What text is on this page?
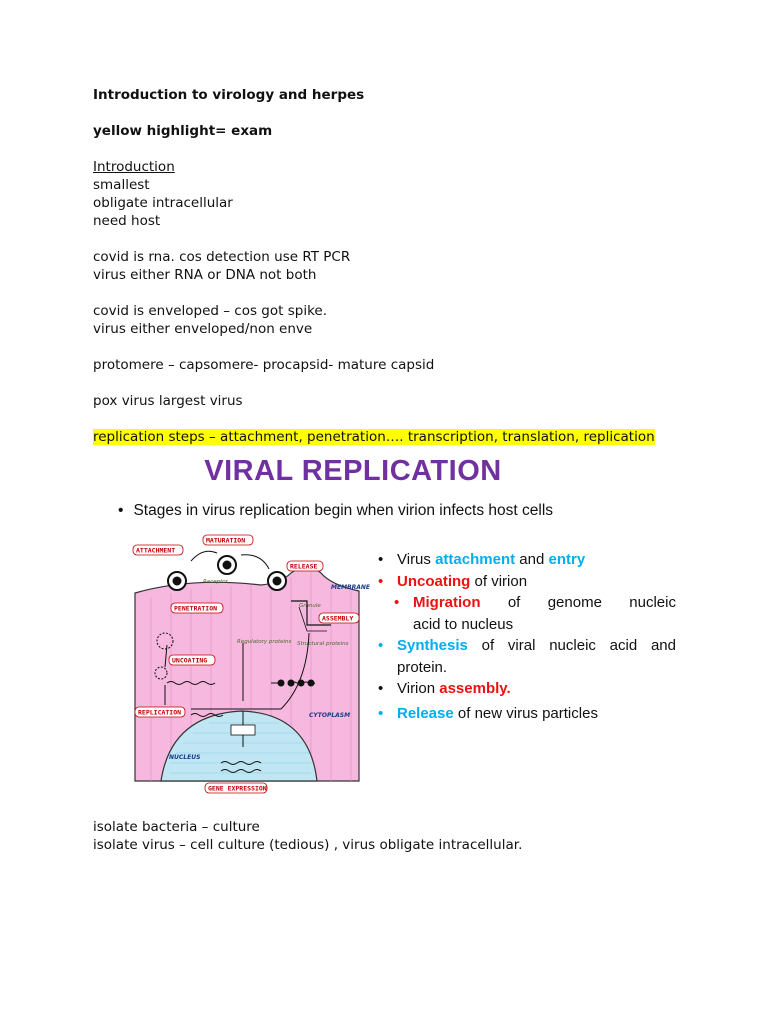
Introduction to virology and herpes
yellow highlight= exam
Introduction
smallest
obligate intracellular
need host
covid is rna. cos detection use RT PCR
virus either RNA or DNA not both
covid is enveloped – cos got spike.
virus either enveloped/non enve
protomere – capsomere- procapsid- mature capsid
pox virus largest virus
replication steps – attachment, penetration…. transcription, translation, replication
VIRAL REPLICATION
• Stages in virus replication begin when virion infects host cells
ATTACHMENT
MATURATION
RELEASE
MEMBRANE
Receptor
PENETRATION	Granule
ASSEMBLY
Regulatory proteins Structural proteins
UNCOATING
REPLICATION	CYTOPLASM
NUCLEUS
GENE EXPRESSION
• Virus attachment and entry
• Uncoating of virion
• Migration of genome nucleic
acid to nucleus
• Synthesis of viral nucleic acid and
protein.
• Virion assembly.
• Release of new virus particles
isolate bacteria – culture
isolate virus – cell culture (tedious) , virus obligate intracellular.
